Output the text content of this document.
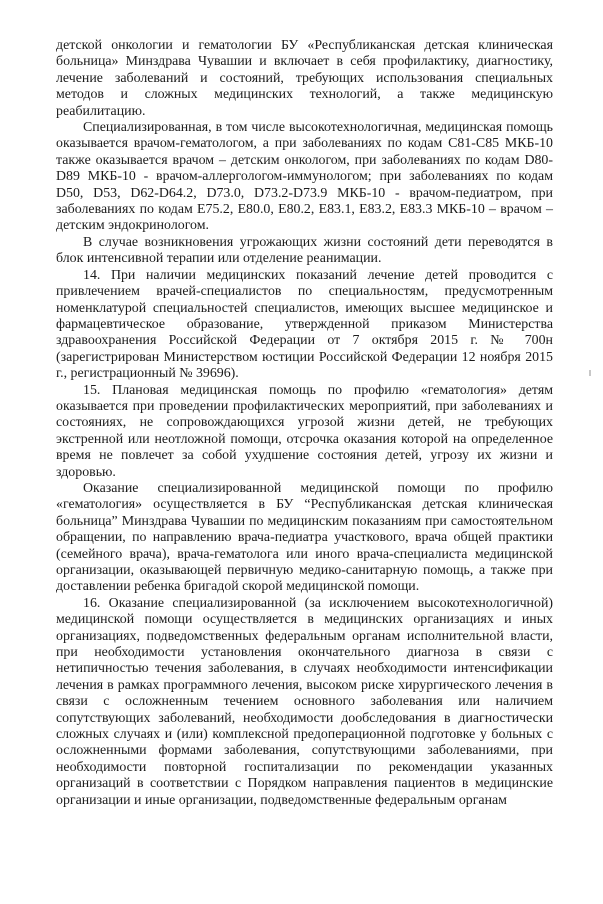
детской онкологии и гематологии БУ «Республиканская детская клиническая больница» Минздрава Чувашии и включает в себя профилактику, диагностику, лечение заболеваний и состояний, требующих использования специальных методов и сложных медицинских технологий, а также медицинскую реабилитацию.

Специализированная, в том числе высокотехнологичная, медицинская помощь оказывается врачом-гематологом, а при заболеваниях по кодам С81-С85 МКБ-10 также оказывается врачом – детским онкологом, при заболеваниях по кодам D80-D89 МКБ-10 - врачом-аллергологом-иммунологом; при заболеваниях по кодам D50, D53, D62-D64.2, D73.0, D73.2-D73.9 МКБ-10 - врачом-педиатром, при заболеваниях по кодам E75.2, E80.0, E80.2, E83.1, E83.2, E83.3 МКБ-10 – врачом – детским эндокринологом.

В случае возникновения угрожающих жизни состояний дети переводятся в блок интенсивной терапии или отделение реанимации.

14. При наличии медицинских показаний лечение детей проводится с привлечением врачей-специалистов по специальностям, предусмотренным номенклатурой специальностей специалистов, имеющих высшее медицинское и фармацевтическое образование, утвержденной приказом Министерства здравоохранения Российской Федерации от 7 октября 2015 г. № 700н (зарегистрирован Министерством юстиции Российской Федерации 12 ноября 2015 г., регистрационный № 39696).

15. Плановая медицинская помощь по профилю «гематология» детям оказывается при проведении профилактических мероприятий, при заболеваниях и состояниях, не сопровождающихся угрозой жизни детей, не требующих экстренной или неотложной помощи, отсрочка оказания которой на определенное время не повлечет за собой ухудшение состояния детей, угрозу их жизни и здоровью.

Оказание специализированной медицинской помощи по профилю «гематология» осуществляется в БУ “Республиканская детская клиническая больница” Минздрава Чувашии по медицинским показаниям при самостоятельном обращении, по направлению врача-педиатра участкового, врача общей практики (семейного врача), врача-гематолога или иного врача-специалиста медицинской организации, оказывающей первичную медико-санитарную помощь, а также при доставлении ребенка бригадой скорой медицинской помощи.

16. Оказание специализированной (за исключением высокотехнологичной) медицинской помощи осуществляется в медицинских организациях и иных организациях, подведомственных федеральным органам исполнительной власти, при необходимости установления окончательного диагноза в связи с нетипичностью течения заболевания, в случаях необходимости интенсификации лечения в рамках программного лечения, высоком риске хирургического лечения в связи с осложненным течением основного заболевания или наличием сопутствующих заболеваний, необходимости дообследования в диагностически сложных случаях и (или) комплексной предоперационной подготовке у больных с осложненными формами заболевания, сопутствующими заболеваниями, при необходимости повторной госпитализации по рекомендации указанных организаций в соответствии с Порядком направления пациентов в медицинские организации и иные организации, подведомственные федеральным органам
